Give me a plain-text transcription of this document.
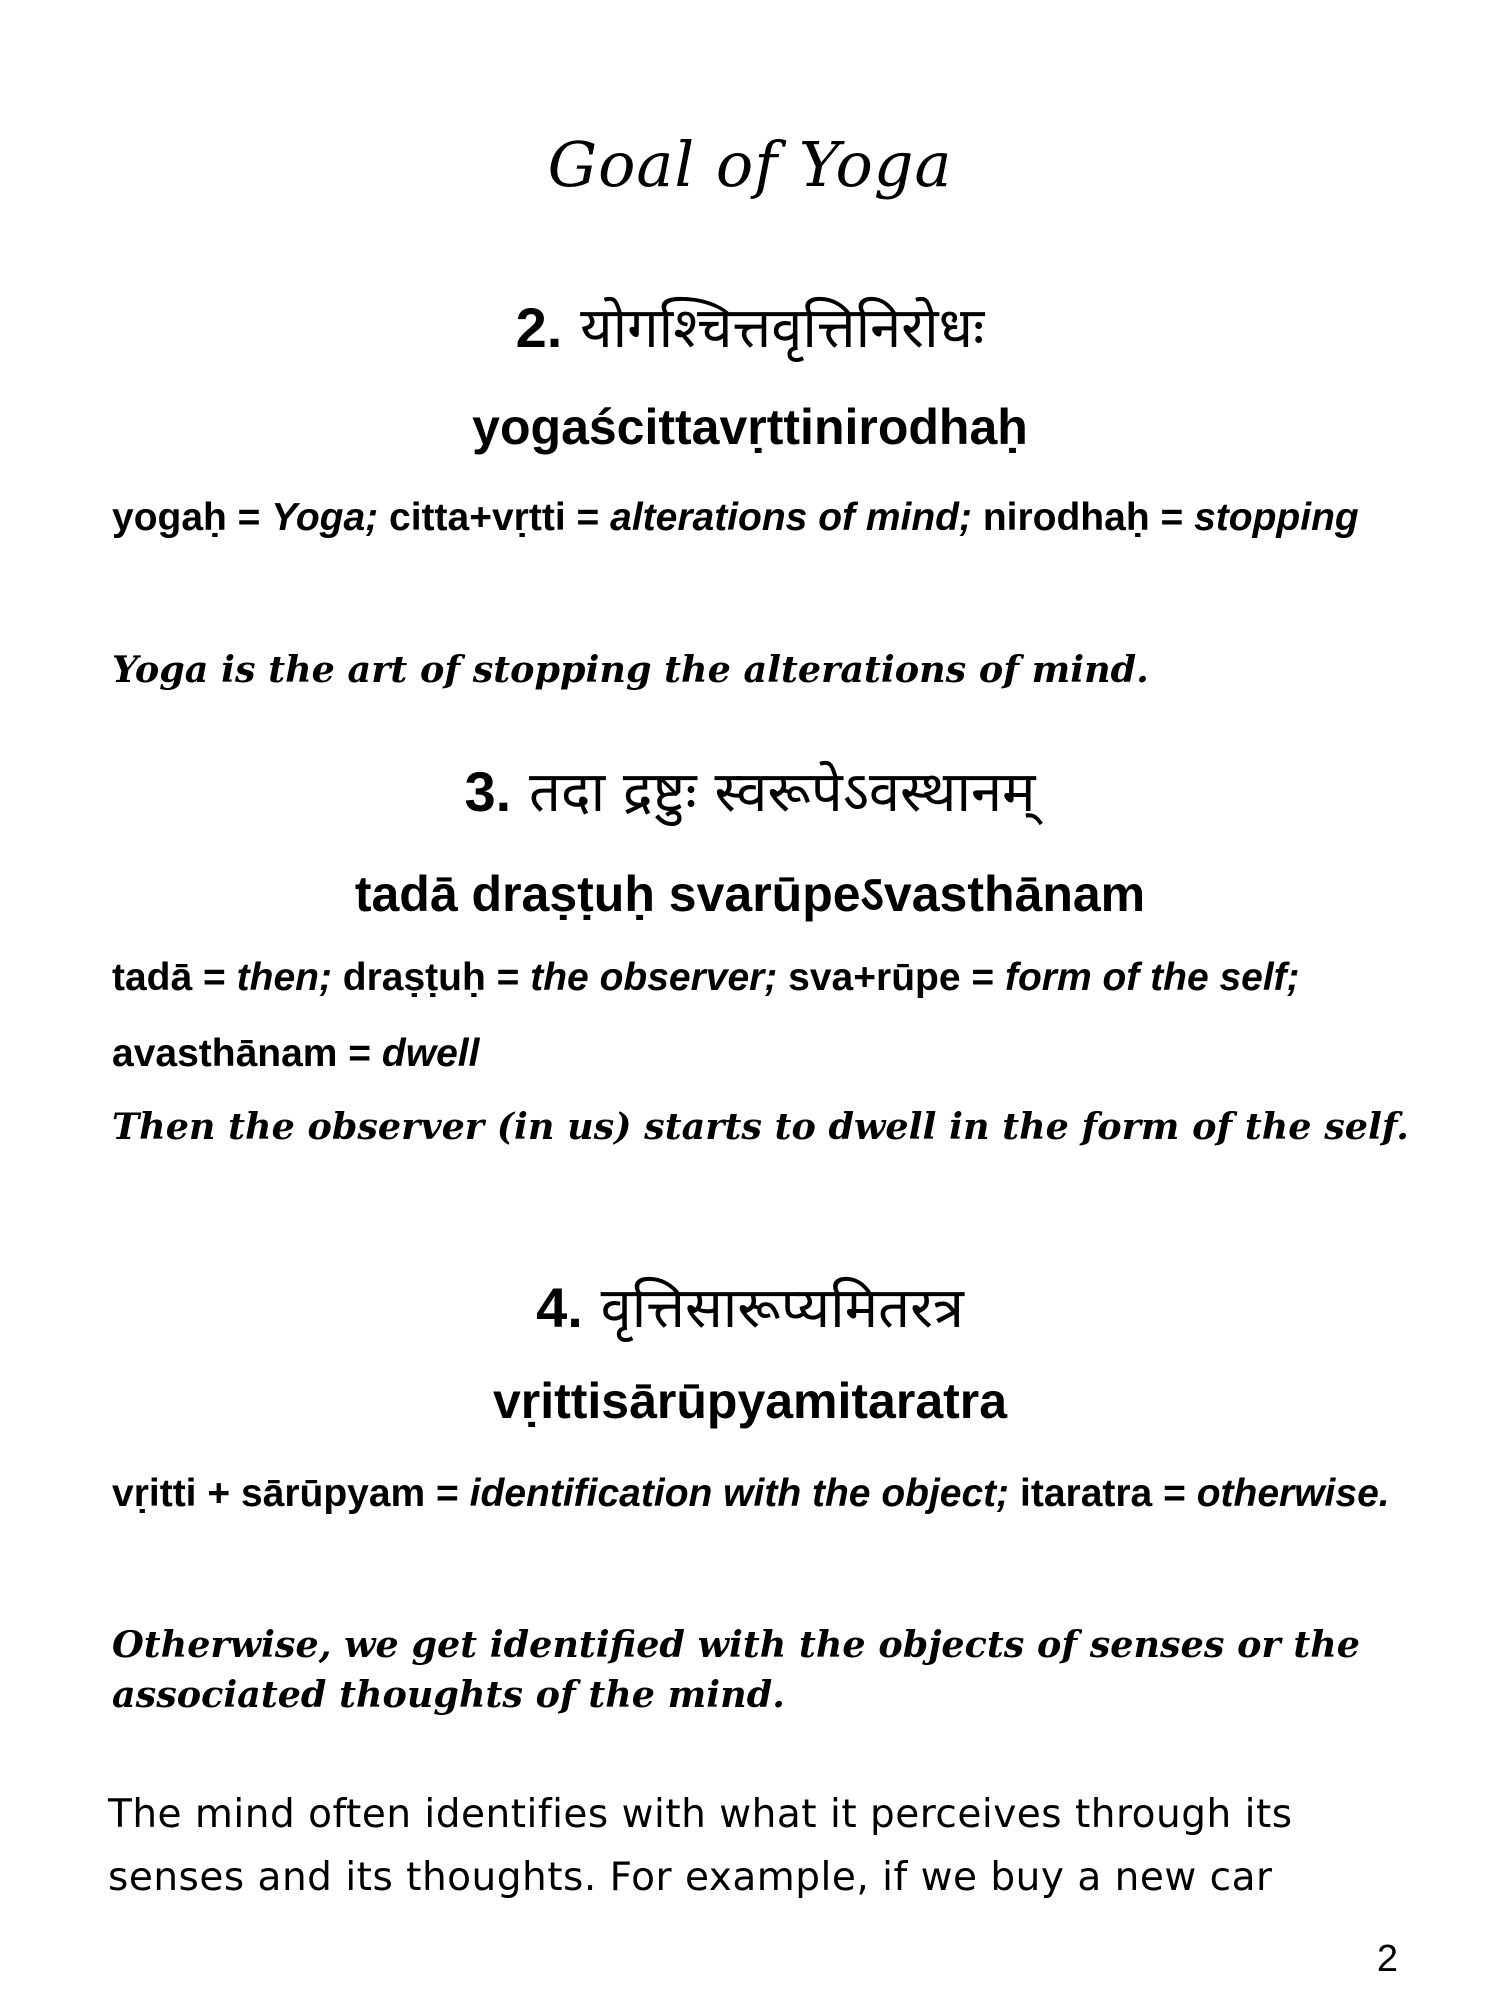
Goal of Yoga
2. योगश्चित्तवृत्तिनिरोधः
yogaścittavṛttinirodhaḥ
yogaḥ = Yoga; citta+vṛtti = alterations of mind; nirodhaḥ = stopping
Yoga is the art of stopping the alterations of mind.
3. तदा द्रष्टुः स्वरूपेऽवस्थानम्
tadā draṣṭuḥ svarūpeऽvasthānam
tadā = then; draṣṭuḥ = the observer; sva+rūpe = form of the self; avasthānam = dwell
Then the observer (in us) starts to dwell in the form of the self.
4. वृत्तिसारूप्यमितरत्र
vṛittisārūpyamitaratra
vṛitti + sārūpyam = identification with the object; itaratra = otherwise.
Otherwise, we get identified with the objects of senses or the associated thoughts of the mind.
The mind often identifies with what it perceives through its senses and its thoughts. For example, if we buy a new car
2
